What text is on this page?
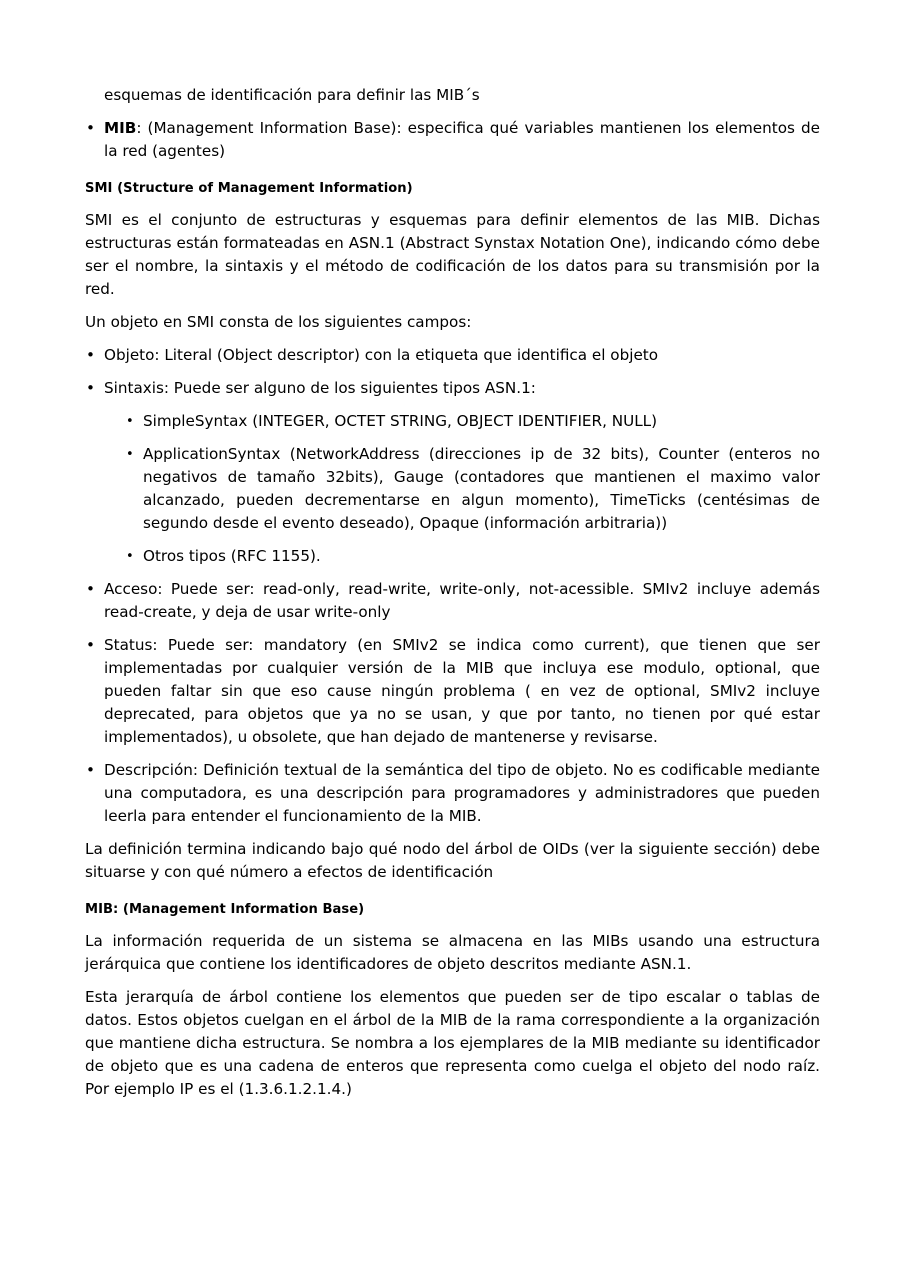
esquemas de identificación para definir las MIB´s
• MIB: (Management Information Base): especifica qué variables mantienen los elementos de la red (agentes)
SMI (Structure of Management Information)

SMI es el conjunto de estructuras y esquemas para definir elementos de las MIB. Dichas estructuras están formateadas en ASN.1 (Abstract Synstax Notation One), indicando cómo debe ser el nombre, la sintaxis y el método de codificación de los datos para su transmisión por la red.

Un objeto en SMI consta de los siguientes campos:

• Objeto: Literal (Object descriptor) con la etiqueta que identifica el objeto
• Sintaxis: Puede ser alguno de los siguientes tipos ASN.1:
• SimpleSyntax (INTEGER, OCTET STRING, OBJECT IDENTIFIER, NULL)
• ApplicationSyntax (NetworkAddress (direcciones ip de 32 bits), Counter (enteros no negativos de tamaño 32bits), Gauge (contadores que mantienen el maximo valor alcanzado, pueden decrementarse en algun momento), TimeTicks (centésimas de segundo desde el evento deseado), Opaque (información arbitraria))
• Otros tipos (RFC 1155).
• Acceso: Puede ser: read-only, read-write, write-only, not-acessible. SMIv2 incluye además read-create, y deja de usar write-only
• Status: Puede ser: mandatory (en SMIv2 se indica como current), que tienen que ser implementadas por cualquier versión de la MIB que incluya ese modulo, optional, que pueden faltar sin que eso cause ningún problema ( en vez de optional, SMIv2 incluye deprecated, para objetos que ya no se usan, y que por tanto, no tienen por qué estar implementados), u obsolete, que han dejado de mantenerse y revisarse.
• Descripción: Definición textual de la semántica del tipo de objeto. No es codificable mediante una computadora, es una descripción para programadores y administradores que pueden leerla para entender el funcionamiento de la MIB.

La definición termina indicando bajo qué nodo del árbol de OIDs (ver la siguiente sección) debe situarse y con qué número a efectos de identificación

MIB: (Management Information Base)

La información requerida de un sistema se almacena en las MIBs usando una estructura jerárquica que contiene los identificadores de objeto descritos mediante ASN.1.

Esta jerarquía de árbol contiene los elementos que pueden ser de tipo escalar o tablas de datos. Estos objetos cuelgan en el árbol de la MIB de la rama correspondiente a la organización que mantiene dicha estructura. Se nombra a los ejemplares de la MIB mediante su identificador de objeto que es una cadena de enteros que representa como cuelga el objeto del nodo raíz. Por ejemplo IP es el (1.3.6.1.2.1.4.)
